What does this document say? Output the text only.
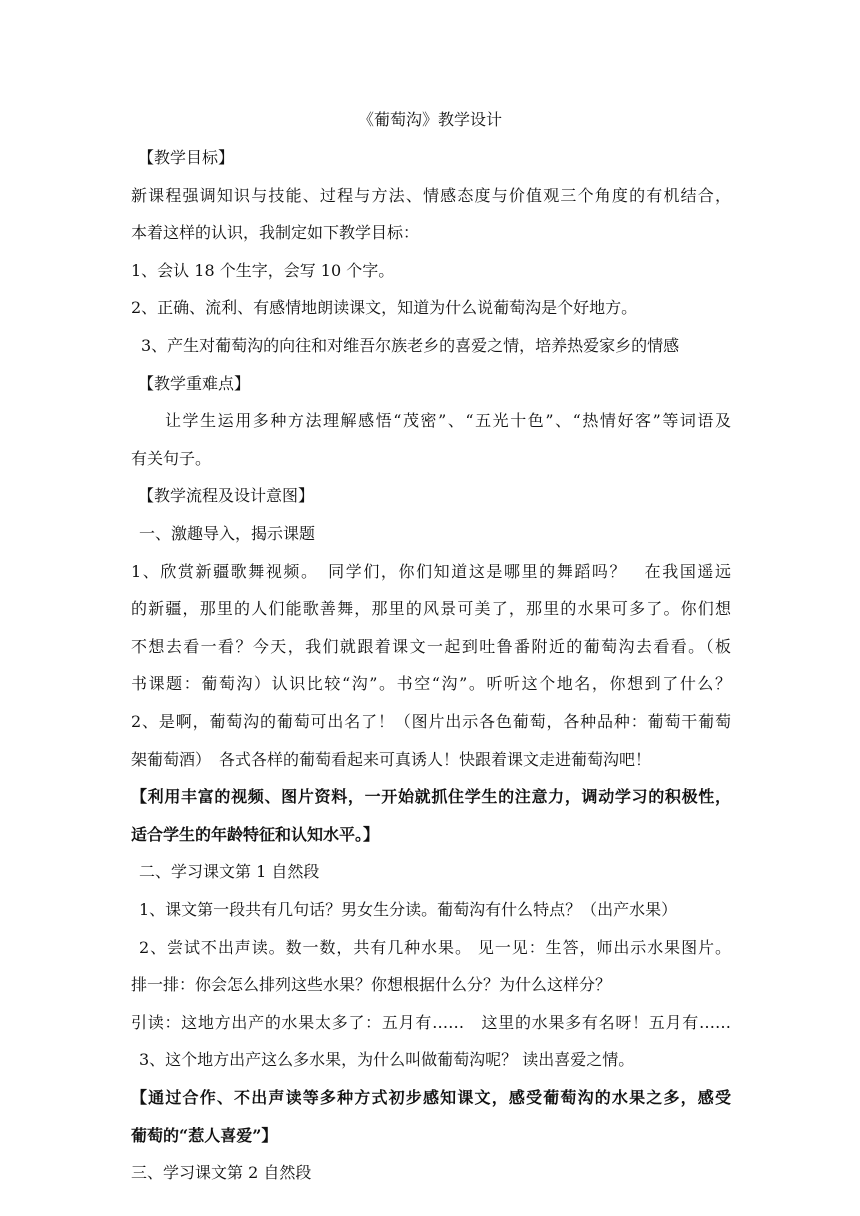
《葡萄沟》教学设计
【教学目标】
新课程强调知识与技能、过程与方法、情感态度与价值观三个角度的有机结合，
本着这样的认识，我制定如下教学目标：
1、会认 18 个生字，会写 10 个字。
2、正确、流利、有感情地朗读课文，知道为什么说葡萄沟是个好地方。
3、产生对葡萄沟的向往和对维吾尔族老乡的喜爱之情，培养热爱家乡的情感
【教学重难点】
让学生运用多种方法理解感悟“茂密”、“五光十色”、“热情好客”等词语及
有关句子。
【教学流程及设计意图】
一、激趣导入，揭示课题
1、欣赏新疆歌舞视频。　同学们，你们知道这是哪里的舞蹈吗？　在我国遥远
的新疆，那里的人们能歌善舞，那里的风景可美了，那里的水果可多了。你们想
不想去看一看？今天，我们就跟着课文一起到吐鲁番附近的葡萄沟去看看。（板
书课题：葡萄沟）认识比较“沟”。书空“沟”。听听这个地名，你想到了什么？
2、是啊，葡萄沟的葡萄可出名了！（图片出示各色葡萄，各种品种：葡萄干葡萄
架葡萄酒）　各式各样的葡萄看起来可真诱人！快跟着课文走进葡萄沟吧！
【利用丰富的视频、图片资料，一开始就抓住学生的注意力，调动学习的积极性，
适合学生的年龄特征和认知水平。】
二、学习课文第 1 自然段
1、课文第一段共有几句话？男女生分读。葡萄沟有什么特点？（出产水果）
2、尝试不出声读。数一数，共有几种水果。 见一见：生答，师出示水果图片。
排一排：你会怎么排列这些水果？你想根据什么分？为什么这样分？
引读：这地方出产的水果太多了：五月有……　这里的水果多有名呀！五月有……
3、这个地方出产这么多水果，为什么叫做葡萄沟呢？ 读出喜爱之情。
【通过合作、不出声读等多种方式初步感知课文，感受葡萄沟的水果之多，感受
葡萄的“惹人喜爱”】
三、学习课文第 2 自然段
